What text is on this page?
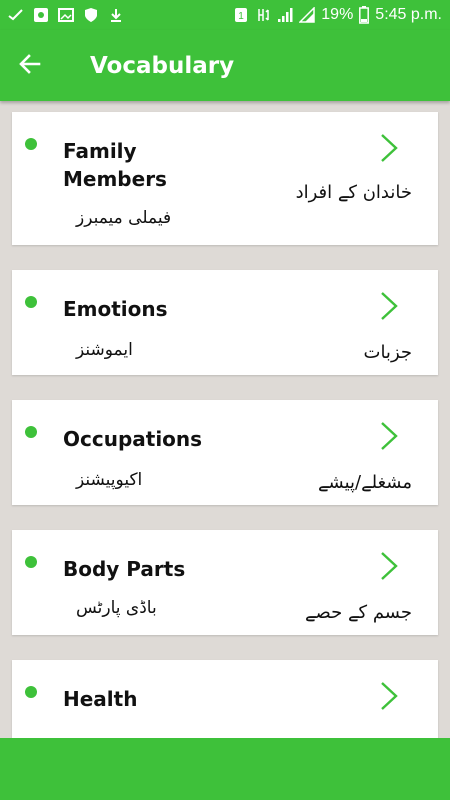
1	19% 5:45 p.m.
Vocabulary
Family Members
خاندان کے افراد
فیملی میمبرز
Emotions
جزبات
ایموشنز
Occupations
مشغلے/پیشے
اکیوپیشنز
Body Parts
جسم کے حصے
باڈی پارٹس
Health
